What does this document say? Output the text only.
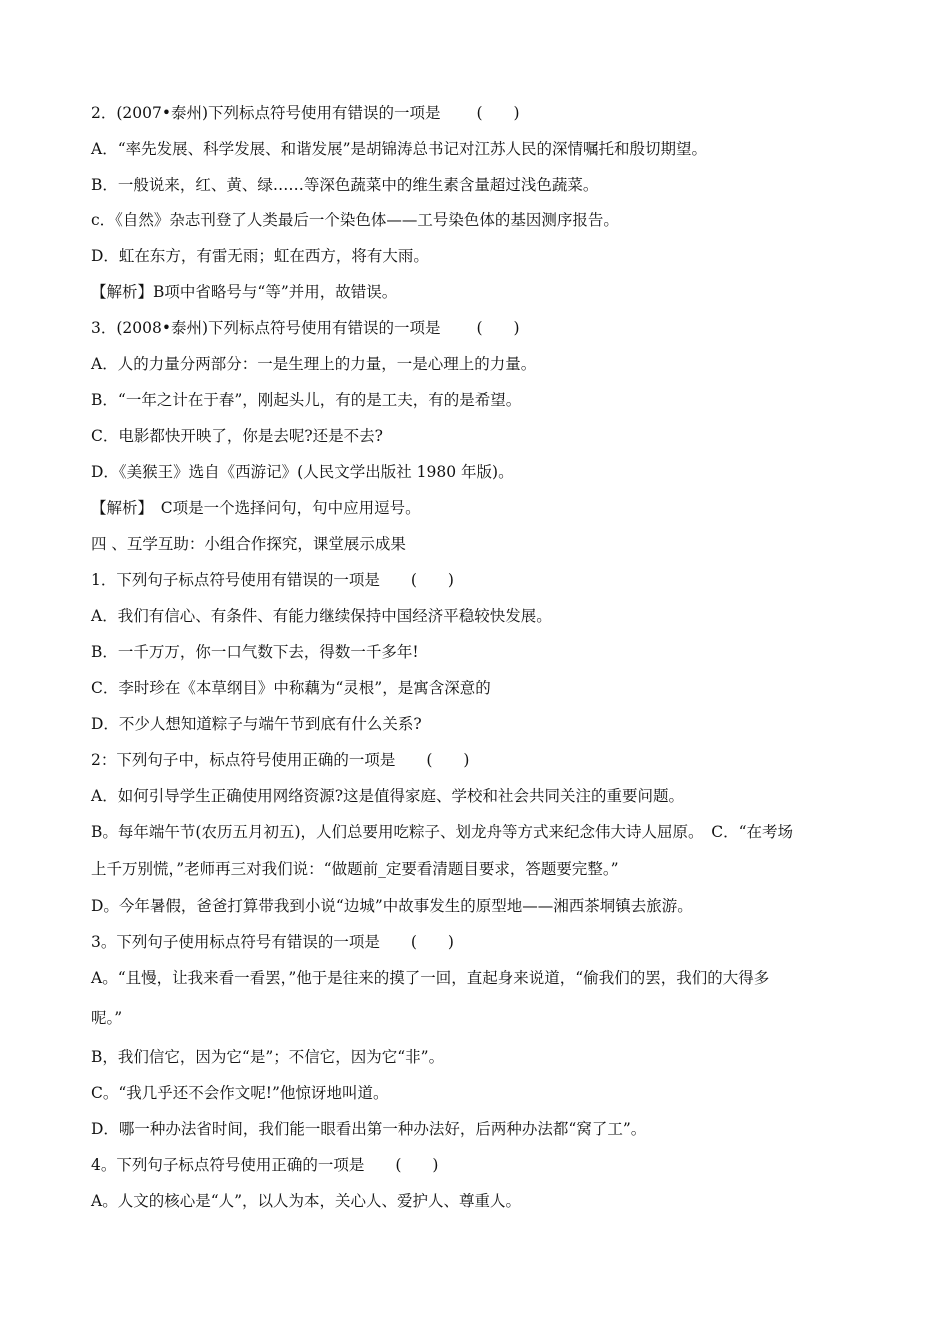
2．(2007•泰州)下列标点符号使用有错误的一项是　　 (　　)
A．“率先发展、科学发展、和谐发展”是胡锦涛总书记对江苏人民的深情嘱托和殷切期望。
B．一般说来，红、黄、绿……等深色蔬菜中的维生素含量超过浅色蔬菜。
c．《自然》杂志刊登了人类最后一个染色体——工号染色体的基因测序报告。
D．虹在东方，有雷无雨；虹在西方，将有大雨。
【解析】B项中省略号与“等”并用，故错误。
3．(2008•泰州)下列标点符号使用有错误的一项是　　 (　　)
A．人的力量分两部分：一是生理上的力量，一是心理上的力量。
B．“一年之计在于春”，刚起头儿，有的是工夫，有的是希望。
C．电影都快开映了，你是去呢?还是不去?
D．《美猴王》选自《西游记》(人民文学出版社 1980 年版)。
【解析】　C项是一个选择问句，句中应用逗号。
四 、互学互助：小组合作探究，课堂展示成果
1．下列句子标点符号使用有错误的一项是　　(　　)
A．我们有信心、有条件、有能力继续保持中国经济平稳较快发展。
B．一千万万，你一口气数下去，得数一千多年!
C．李时珍在《本草纲目》中称藕为“灵根”，是寓含深意的
D．不少人想知道粽子与端午节到底有什么关系?
2：下列句子中，标点符号使用正确的一项是　　(　　)
A．如何引导学生正确使用网络资源?这是值得家庭、学校和社会共同关注的重要问题。
B。每年端午节(农历五月初五)，人们总要用吃粽子、划龙舟等方式来纪念伟大诗人屈原。　C．“在考场
上千万别慌，”老师再三对我们说：“做题前_定要看清题目要求，答题要完整。”
D。今年暑假，爸爸打算带我到小说“边城”中故事发生的原型地——湘西茶垌镇去旅游。
3。下列句子使用标点符号有错误的一项是　　(　　)
A。“且慢，让我来看一看罢，”他于是往来的摸了一回，直起身来说道，“偷我们的罢，我们的大得多
呢。”
B，我们信它，因为它“是”；不信它，因为它“非”。
C。“我几乎还不会作文呢!”他惊讶地叫道。
D．哪一种办法省时间，我们能一眼看出第一种办法好，后两种办法都“窝了工”。
4。下列句子标点符号使用正确的一项是　　(　　)
A。人文的核心是“人”，以人为本，关心人、爱护人、尊重人。
